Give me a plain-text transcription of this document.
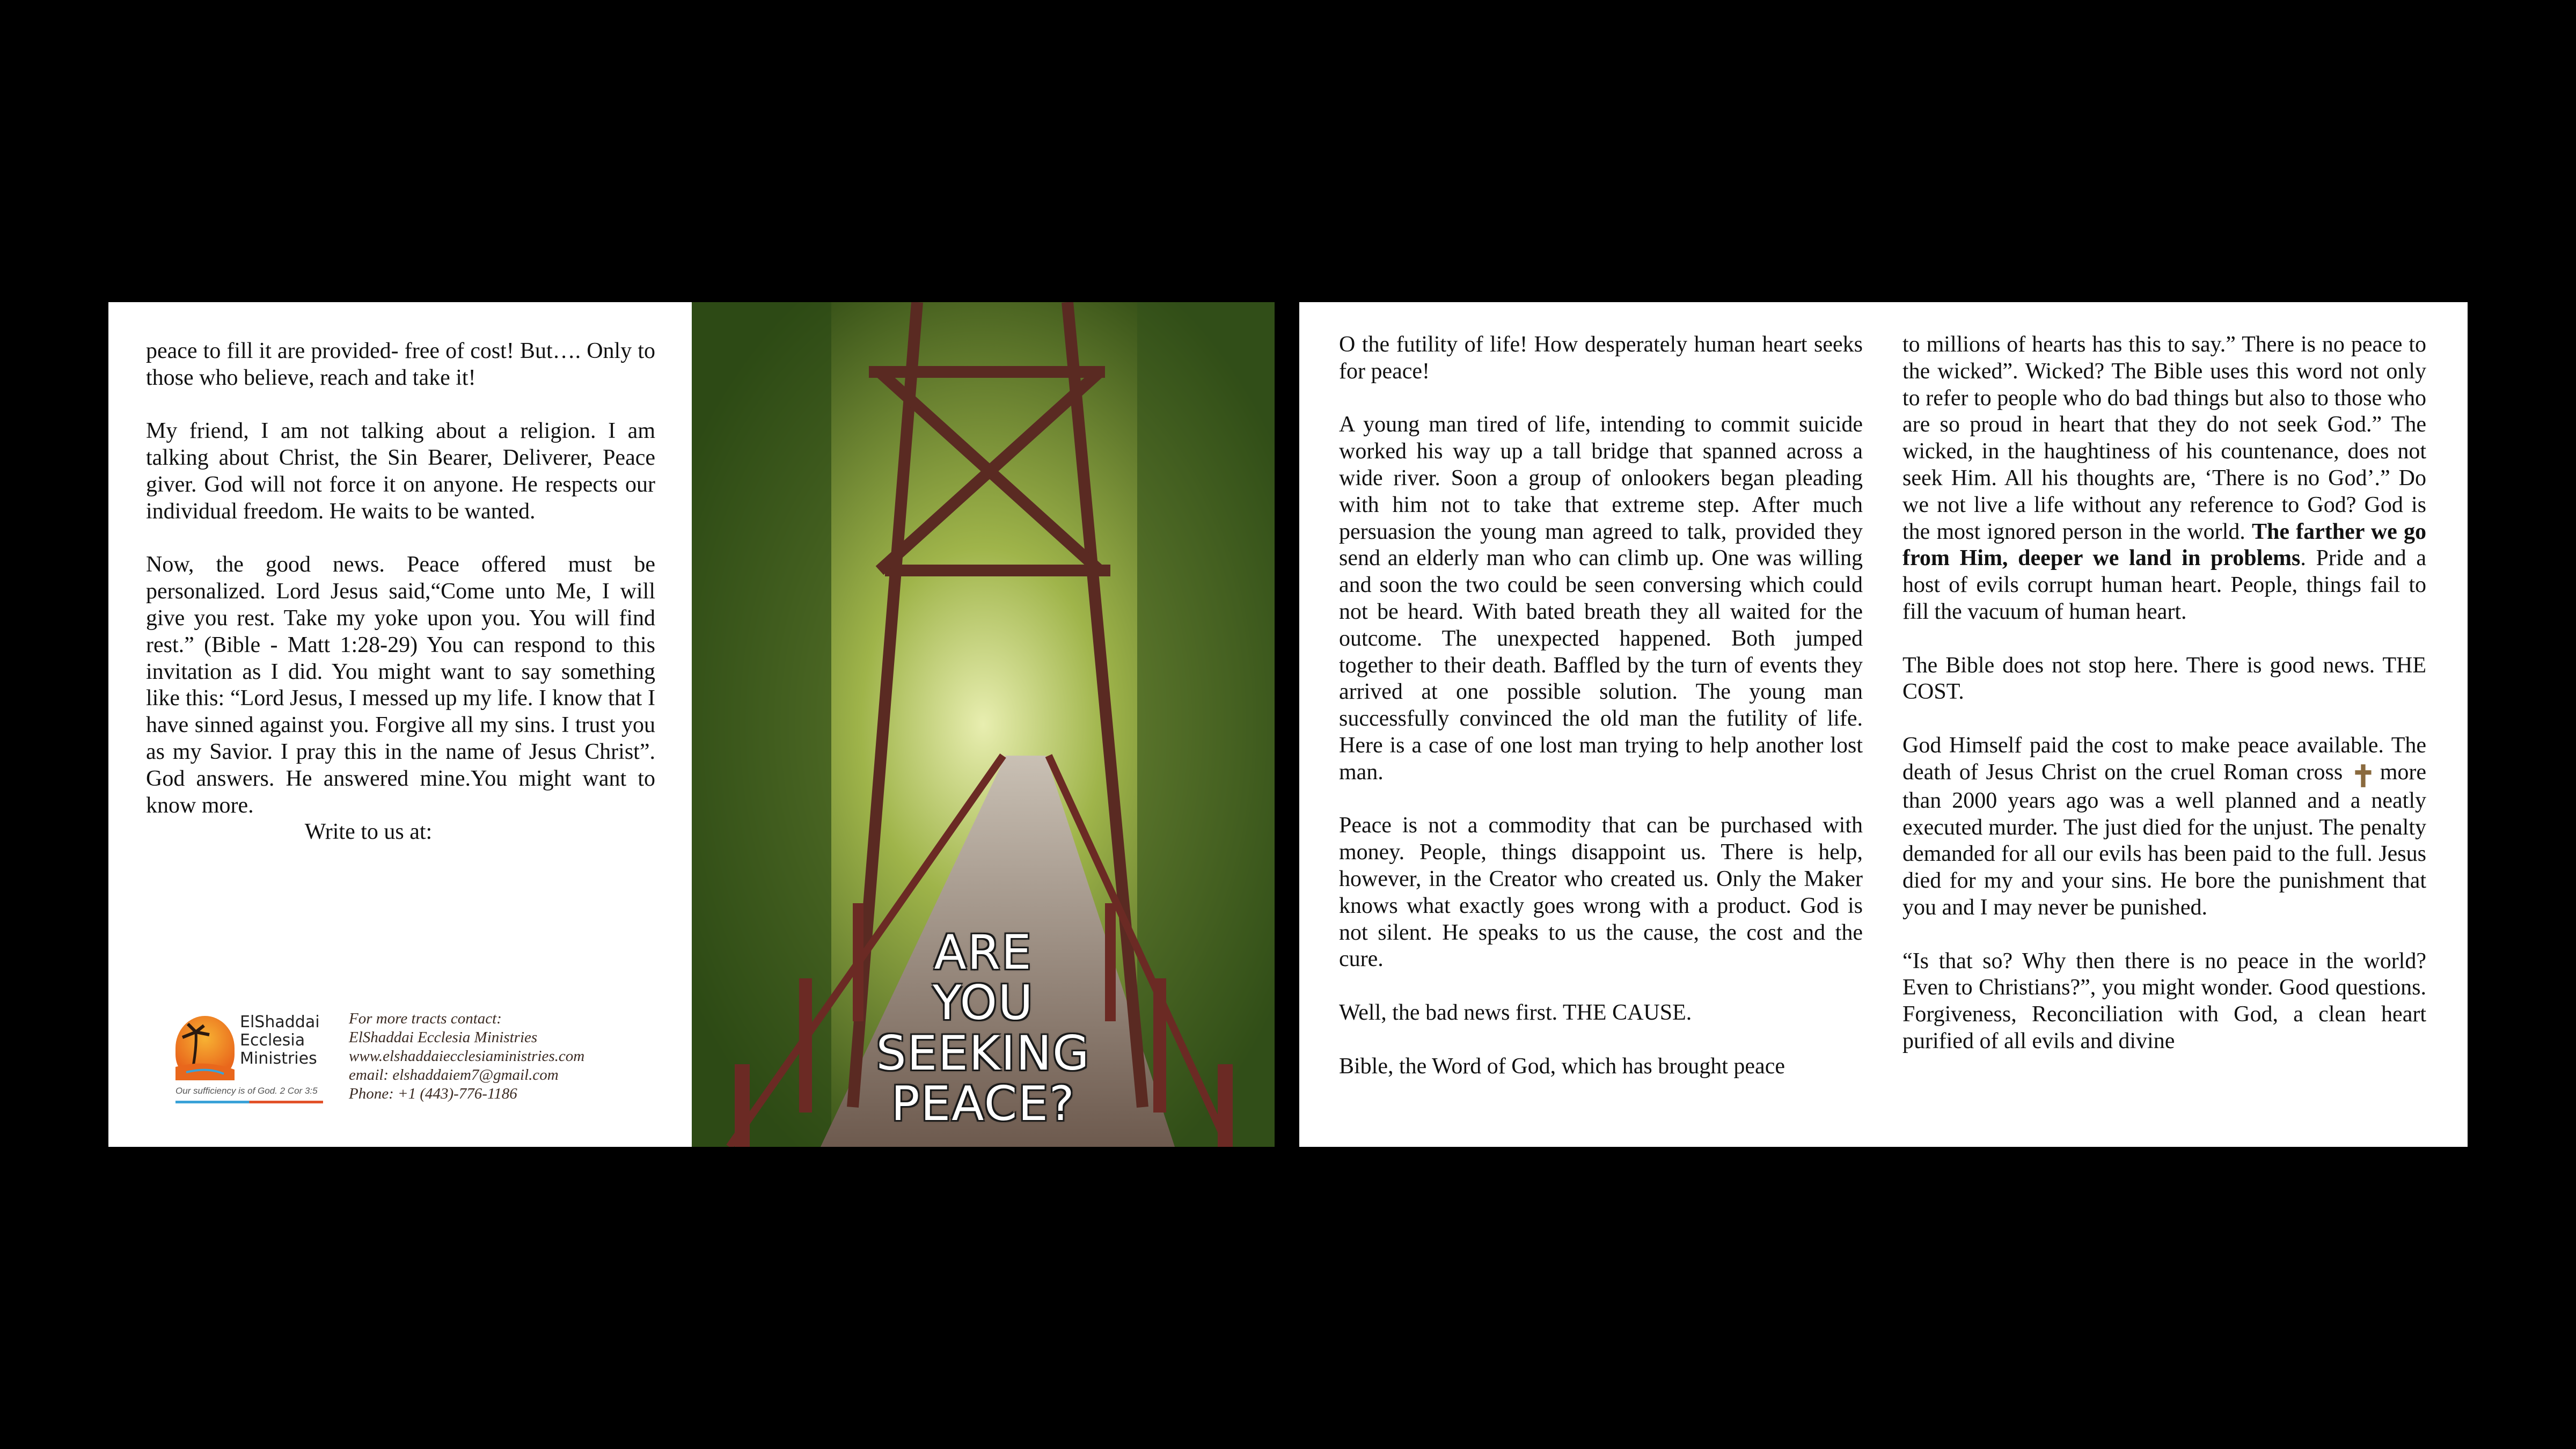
peace to fill it are provided- free of cost! But…. Only to those who believe, reach and take it!

My friend, I am not talking about a religion. I am talking about Christ, the Sin Bearer, Deliverer, Peace giver. God will not force it on anyone. He respects our individual freedom. He waits to be wanted.

Now, the good news. Peace offered must be personalized. Lord Jesus said,“Come unto Me, I will give you rest. Take my yoke upon you. You will find rest.” (Bible - Matt 1:28-29) You can respond to this invitation as I did. You might want to say something like this: “Lord Jesus, I messed up my life. I know that I have sinned against you. Forgive all my sins. I trust you as my Savior. I pray this in the name of Jesus Christ”. God answers. He answered mine.You might want to know more.

Write to us at:

ElShaddai
Ecclesia
Ministries
Our sufficiency is of God. 2 Cor 3:5
For more tracts contact:
ElShaddai Ecclesia Ministries
www.elshaddaiecclesiaministries.com
email: elshaddaiem7@gmail.com
Phone: +1 (443)-776-1186
ARE
YOU
SEEKING
PEACE?

O the futility of life! How desperately human heart seeks for peace!

A young man tired of life, intending to commit suicide worked his way up a tall bridge that spanned across a wide river. Soon a group of onlookers began pleading with him not to take that extreme step. After much persuasion the young man agreed to talk, provided they send an elderly man who can climb up. One was willing and soon the two could be seen conversing which could not be heard. With bated breath they all waited for the outcome. The unexpected happened. Both jumped together to their death. Baffled by the turn of events they arrived at one possible solution. The young man successfully convinced the old man the futility of life. Here is a case of one lost man trying to help another lost man.

Peace is not a commodity that can be purchased with money. People, things disappoint us. There is help, however, in the Creator who created us. Only the Maker knows what exactly goes wrong with a product. God is not silent. He speaks to us the cause, the cost and the cure.

Well, the bad news first. THE CAUSE.

Bible, the Word of God, which has brought peace

to millions of hearts has this to say.” There is no peace to the wicked”. Wicked? The Bible uses this word not only to refer to people who do bad things but also to those who are so proud in heart that they do not seek God.” The wicked, in the haughtiness of his countenance, does not seek Him. All his thoughts are, ‘There is no God’.” Do we not live a life without any reference to God? God is the most ignored person in the world. The farther we go from Him, deeper we land in problems. Pride and a host of evils corrupt human heart. People, things fail to fill the vacuum of human heart.

The Bible does not stop here. There is good news. THE COST.

God Himself paid the cost to make peace available. The death of Jesus Christ on the cruel Roman cross ✝ more than 2000 years ago was a well planned and a neatly executed murder. The just died for the unjust. The penalty demanded for all our evils has been paid to the full. Jesus died for my and your sins. He bore the punishment that you and I may never be punished.

“Is that so? Why then there is no peace in the world? Even to Christians?”, you might wonder. Good questions. Forgiveness, Reconciliation with God, a clean heart purified of all evils and divine
